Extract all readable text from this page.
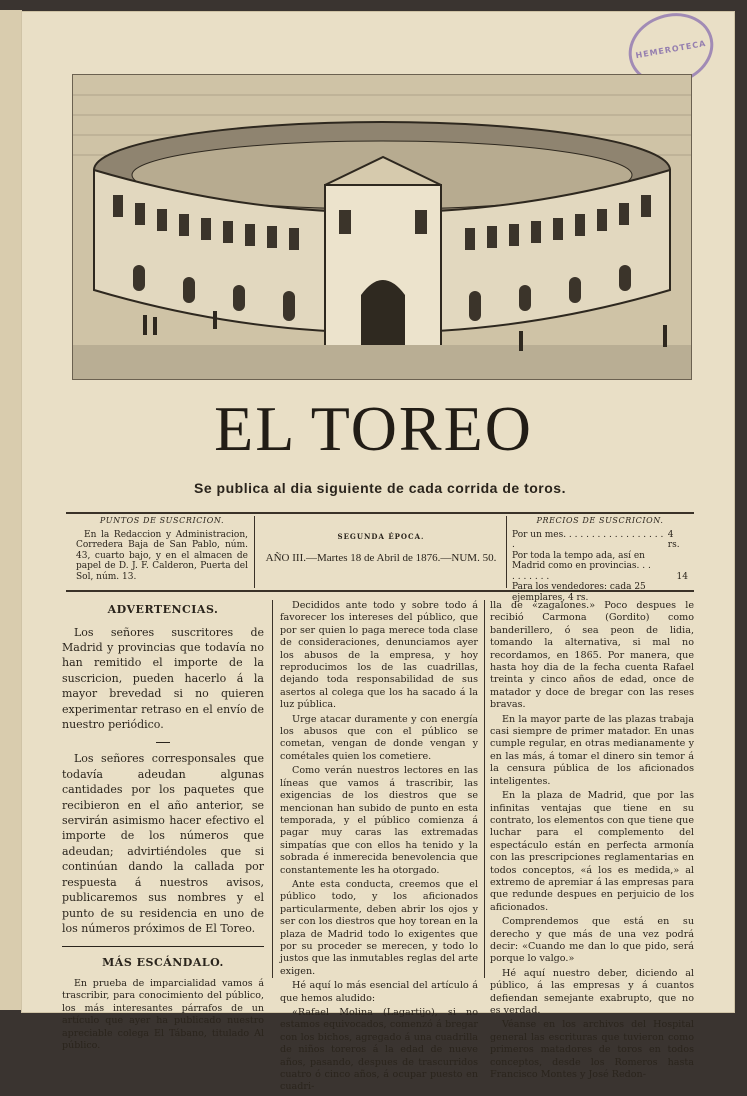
HEMEROTECA
EL TOREO
Se publica al dia siguiente de cada corrida de toros.
PUNTOS DE SUSCRICION.
En la Redaccion y Administracion, Corredera Baja de San Pablo, núm. 43, cuarto bajo, y en el almacen de papel de D. J. F. Calderon, Puerta del Sol, núm. 13.
SEGUNDA ÉPOCA.
AÑO III.—Martes 18 de Abril de 1876.—NUM. 50.
PRECIOS DE SUSCRICION.
Por un mes. . . . . . . . . . . . . . . . . . .
4 rs.
Por toda la tempo ada, así en Madrid como en provincias. . . . . . . . . .	14
Para los vendedores: cada 25 ejemplares, 4 rs.
ADVERTENCIAS.

Los señores suscritores de Madrid y provincias que todavía no han remitido el importe de la suscricion, pueden hacerlo á la mayor brevedad si no quieren experimentar retraso en el envío de nuestro periódico.

Los señores corresponsales que todavía adeudan algunas cantidades por los paquetes que recibieron en el año anterior, se servirán asimismo hacer efectivo el importe de los números que adeudan; advirtiéndoles que si continúan dando la callada por respuesta á nuestros avisos, publicaremos sus nombres y el punto de su residencia en uno de los números próximos de El Toreo.

MÁS ESCÁNDALO.

En prueba de imparcialidad vamos á trascribir, para conocimiento del público, los más interesantes párrafos de un artículo que ayer ha publicado nuestro apreciable colega El Tábano, titulado Al público.

Decididos ante todo y sobre todo á favorecer los intereses del público, que por ser quien lo paga merece toda clase de consideraciones, denunciamos ayer los abusos de la empresa, y hoy reproducimos los de las cuadrillas, dejando toda responsabilidad de sus asertos al colega que los ha sacado á la luz pública.

Urge atacar duramente y con energía los abusos que con el público se cometan, vengan de donde vengan y cométales quien los cometiere.

Como verán nuestros lectores en las líneas que vamos á trascribir, las exigencias de los diestros que se mencionan han subido de punto en esta temporada, y el público comienza á pagar muy caras las extremadas simpatías que con ellos ha tenido y la sobrada é inmerecida benevolencia que constantemente les ha otorgado.

Ante esta conducta, creemos que el público todo, y los aficionados particularmente, deben abrir los ojos y ser con los diestros que hoy torean en la plaza de Madrid todo lo exigentes que por su proceder se merecen, y todo lo justos que las inmutables reglas del arte exigen.

Hé aquí lo más esencial del artículo á que hemos aludido:

«Rafael Molina (Lagartijo), si no estamos equivocados, comenzó á bregar con los bichos, agregado á una cuadrilla de niños toreros á la edad de nueve años, pasando, despues de trascurridos cuatro ó cinco años, á ocupar puesto en cuadri-

lla de «zagalones.» Poco despues le recibió Carmona (Gordito) como banderillero, ó sea peon de lidia, tomando la alternativa, si mal no recordamos, en 1865. Por manera, que hasta hoy dia de la fecha cuenta Rafael treinta y cinco años de edad, once de matador y doce de bregar con las reses bravas.

En la mayor parte de las plazas trabaja casi siempre de primer matador. En unas cumple regular, en otras medianamente y en las más, á tomar el dinero sin temor á la censura pública de los aficionados inteligentes.

En la plaza de Madrid, que por las infinitas ventajas que tiene en su contrato, los elementos con que tiene que luchar para el complemento del espectáculo están en perfecta armonía con las prescripciones reglamentarias en todos conceptos, «á los es medida,» al extremo de apremiar á las empresas para que redunde despues en perjuicio de los aficionados.

Comprendemos que está en su derecho y que más de una vez podrá decir: «Cuando me dan lo que pido, será porque lo valgo.»

Hé aquí nuestro deber, diciendo al público, á las empresas y á cuantos defiendan semejante exabrupto, que no es verdad.

Véanse en los archivos del Hospital general las escrituras que tuvieron como primeros matadores de toros en todos conceptos, desde los Romeros hasta Francisco Montes y José Redon-
